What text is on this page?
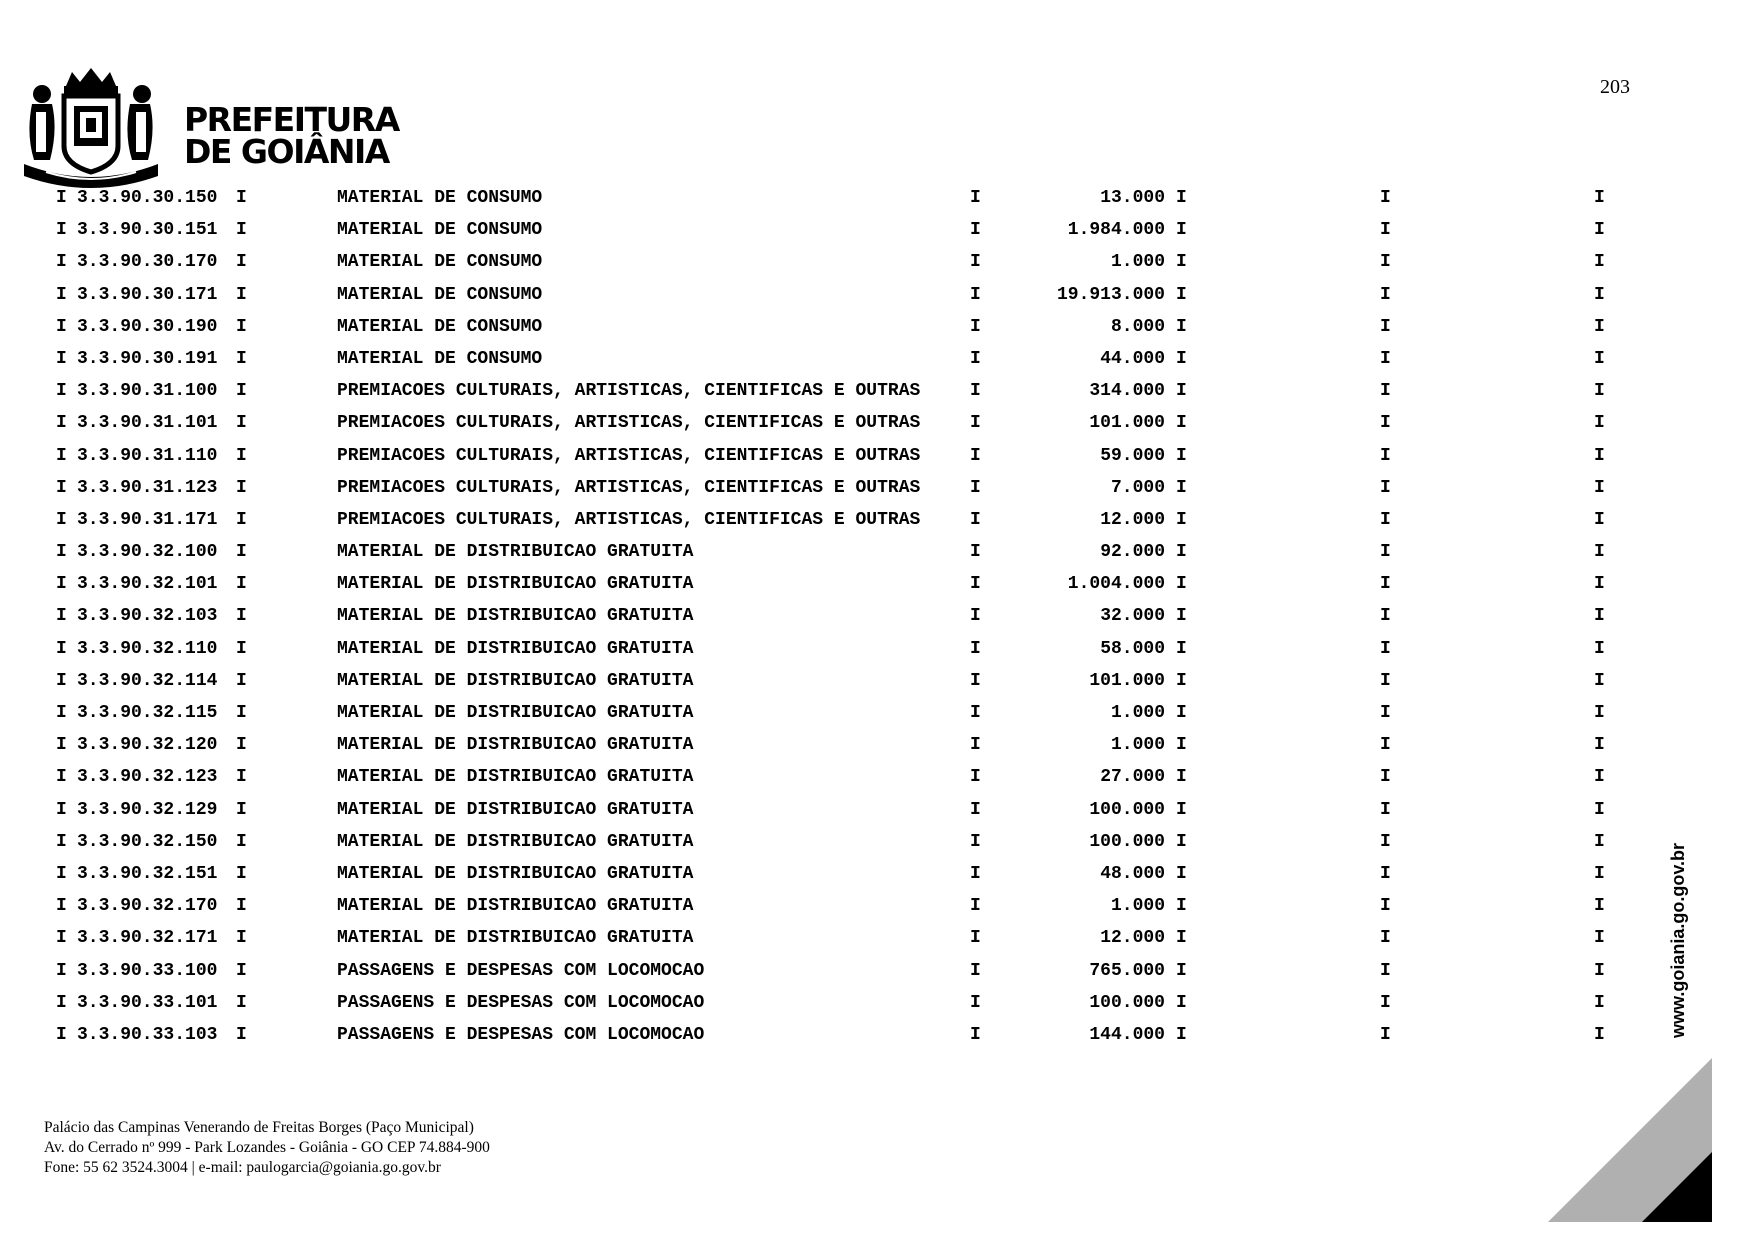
203
PREFEITURA
DE GOIÂNIA
I 3.3.90.30.150 I	MATERIAL DE CONSUMO	I	13.000 I	I	I
I 3.3.90.30.151 I	MATERIAL DE CONSUMO	I	1.984.000 I	I	I
I 3.3.90.30.170 I	MATERIAL DE CONSUMO	I	1.000 I	I	I
I 3.3.90.30.171 I	MATERIAL DE CONSUMO	I	19.913.000 I	I	I
I 3.3.90.30.190 I	MATERIAL DE CONSUMO	I	8.000 I	I	I
I 3.3.90.30.191 I	MATERIAL DE CONSUMO	I	44.000 I	I	I
I 3.3.90.31.100 I	PREMIACOES CULTURAIS, ARTISTICAS, CIENTIFICAS E OUTRAS	I	314.000 I	I	I
I 3.3.90.31.101 I	PREMIACOES CULTURAIS, ARTISTICAS, CIENTIFICAS E OUTRAS	I	101.000 I	I	I
I 3.3.90.31.110 I	PREMIACOES CULTURAIS, ARTISTICAS, CIENTIFICAS E OUTRAS	I	59.000 I	I	I
I 3.3.90.31.123 I	PREMIACOES CULTURAIS, ARTISTICAS, CIENTIFICAS E OUTRAS	I	7.000 I	I	I
I 3.3.90.31.171 I	PREMIACOES CULTURAIS, ARTISTICAS, CIENTIFICAS E OUTRAS	I	12.000 I	I	I
I 3.3.90.32.100 I	MATERIAL DE DISTRIBUICAO GRATUITA	I	92.000 I	I	I
I 3.3.90.32.101 I	MATERIAL DE DISTRIBUICAO GRATUITA	I	1.004.000 I	I	I
I 3.3.90.32.103 I	MATERIAL DE DISTRIBUICAO GRATUITA	I	32.000 I	I	I
I 3.3.90.32.110 I	MATERIAL DE DISTRIBUICAO GRATUITA	I	58.000 I	I	I
I 3.3.90.32.114 I	MATERIAL DE DISTRIBUICAO GRATUITA	I	101.000 I	I	I
I 3.3.90.32.115 I	MATERIAL DE DISTRIBUICAO GRATUITA	I	1.000 I	I	I
I 3.3.90.32.120 I	MATERIAL DE DISTRIBUICAO GRATUITA	I	1.000 I	I	I
I 3.3.90.32.123 I	MATERIAL DE DISTRIBUICAO GRATUITA	I	27.000 I	I	I
I 3.3.90.32.129 I	MATERIAL DE DISTRIBUICAO GRATUITA	I	100.000 I	I	I
I 3.3.90.32.150 I	MATERIAL DE DISTRIBUICAO GRATUITA	I	100.000 I	I	I
I 3.3.90.32.151 I	MATERIAL DE DISTRIBUICAO GRATUITA	I	48.000 I	I	I
I 3.3.90.32.170 I	MATERIAL DE DISTRIBUICAO GRATUITA	I	1.000 I	I	I
I 3.3.90.32.171 I	MATERIAL DE DISTRIBUICAO GRATUITA	I	12.000 I	I	I
I 3.3.90.33.100 I	PASSAGENS E DESPESAS COM LOCOMOCAO	I	765.000 I	I	I
I 3.3.90.33.101 I	PASSAGENS E DESPESAS COM LOCOMOCAO	I	100.000 I	I	I
I 3.3.90.33.103 I	PASSAGENS E DESPESAS COM LOCOMOCAO	I	144.000 I	I	I	www.goiania.go.gov.br
Palácio das Campinas Venerando de Freitas Borges (Paço Municipal)
Av. do Cerrado nº 999 - Park Lozandes - Goiânia - GO CEP 74.884-900
Fone: 55 62 3524.3004 | e-mail: paulogarcia@goiania.go.gov.br
